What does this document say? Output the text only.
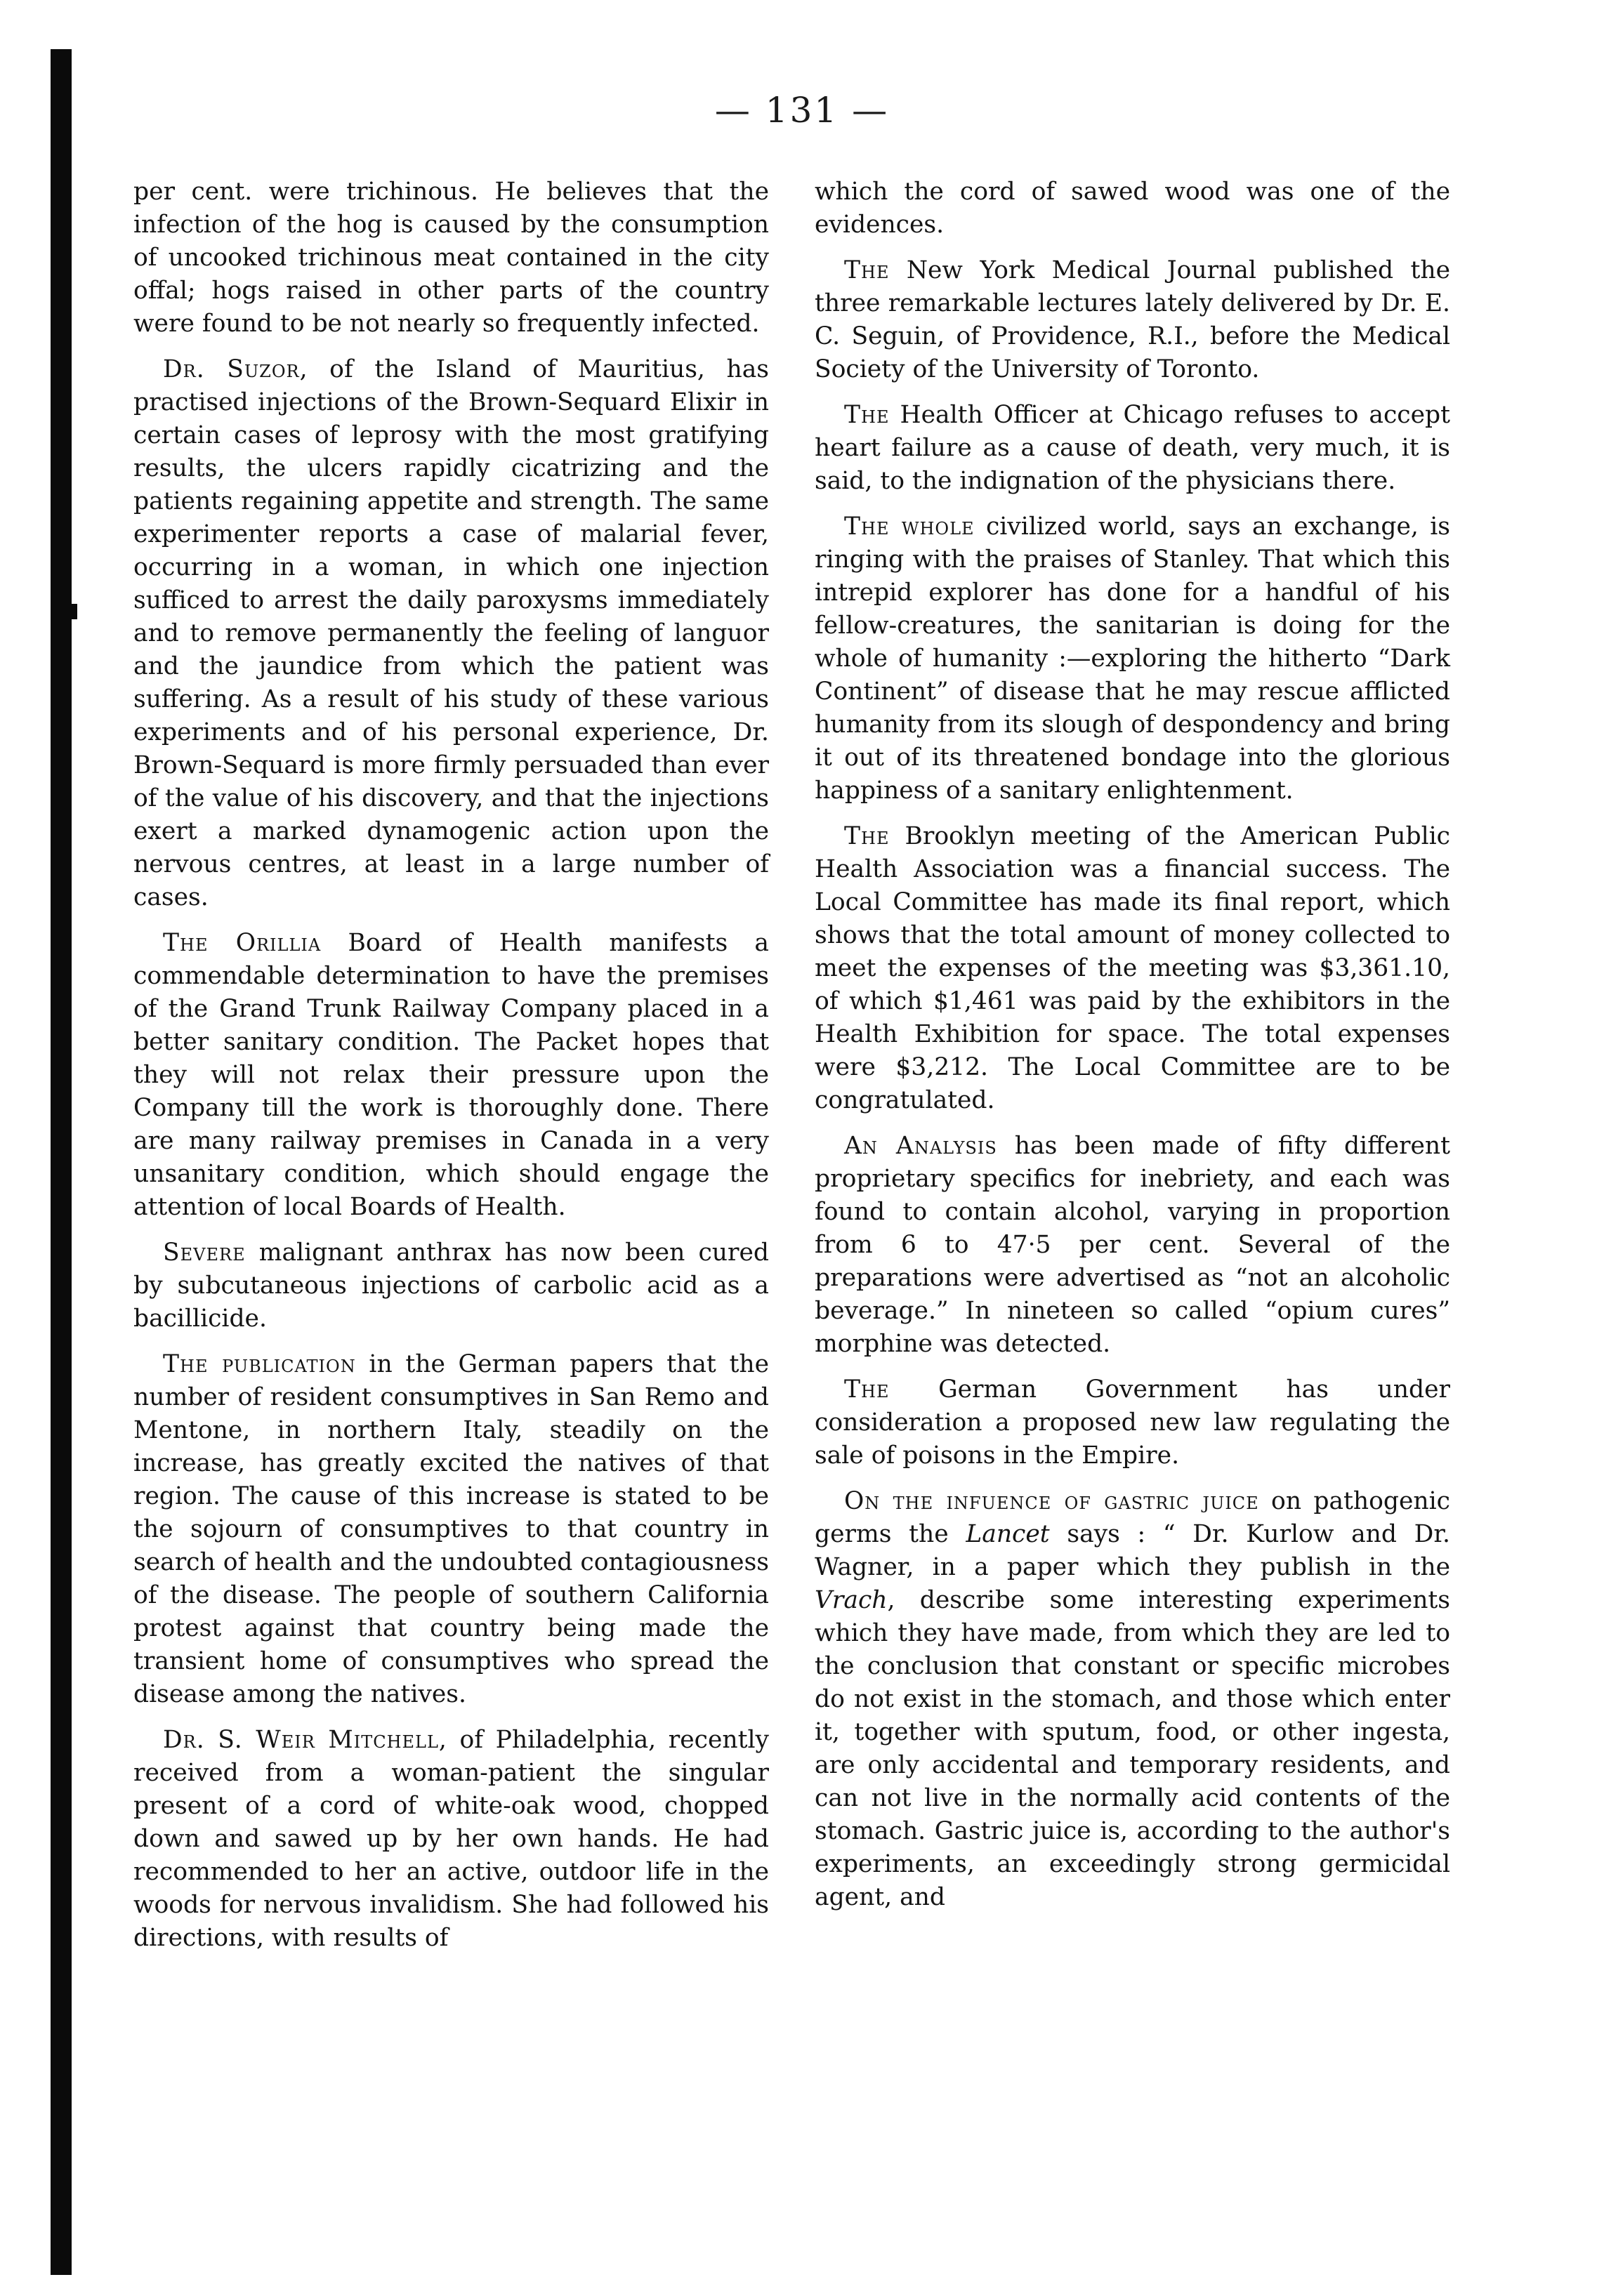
— 131 —

per cent. were trichinous. He believes that the infection of the hog is caused by the consumption of uncooked trichinous meat contained in the city offal; hogs raised in other parts of the country were found to be not nearly so frequently infected.

Dr. Suzor, of the Island of Mauritius, has practised injections of the Brown-Sequard Elixir in certain cases of leprosy with the most gratifying results, the ulcers rapidly cicatrizing and the patients regaining appetite and strength. The same experimenter reports a case of malarial fever, occurring in a woman, in which one injection sufficed to arrest the daily paroxysms immediately and to remove permanently the feeling of languor and the jaundice from which the patient was suffering. As a result of his study of these various experiments and of his personal experience, Dr. Brown-Sequard is more firmly persuaded than ever of the value of his discovery, and that the injections exert a marked dynamogenic action upon the nervous centres, at least in a large number of cases.

The Orillia Board of Health manifests a commendable determination to have the premises of the Grand Trunk Railway Company placed in a better sanitary condition. The Packet hopes that they will not relax their pressure upon the Company till the work is thoroughly done. There are many railway premises in Canada in a very unsanitary condition, which should engage the attention of local Boards of Health.

Severe malignant anthrax has now been cured by subcutaneous injections of carbolic acid as a bacillicide.

The publication in the German papers that the number of resident consumptives in San Remo and Mentone, in northern Italy, steadily on the increase, has greatly excited the natives of that region. The cause of this increase is stated to be the sojourn of consumptives to that country in search of health and the undoubted contagiousness of the disease. The people of southern California protest against that country being made the transient home of consumptives who spread the disease among the natives.

Dr. S. Weir Mitchell, of Philadelphia, recently received from a woman-patient the singular present of a cord of white-oak wood, chopped down and sawed up by her own hands. He had recommended to her an active, outdoor life in the woods for nervous invalidism. She had followed his directions, with results of

which the cord of sawed wood was one of the evidences.

The New York Medical Journal published the three remarkable lectures lately delivered by Dr. E. C. Seguin, of Providence, R.I., before the Medical Society of the University of Toronto.

The Health Officer at Chicago refuses to accept heart failure as a cause of death, very much, it is said, to the indignation of the physicians there.

The whole civilized world, says an exchange, is ringing with the praises of Stanley. That which this intrepid explorer has done for a handful of his fellow-creatures, the sanitarian is doing for the whole of humanity :—exploring the hitherto “Dark Continent” of disease that he may rescue afflicted humanity from its slough of despondency and bring it out of its threatened bondage into the glorious happiness of a sanitary enlightenment.

The Brooklyn meeting of the American Public Health Association was a financial success. The Local Committee has made its final report, which shows that the total amount of money collected to meet the expenses of the meeting was $3,361.10, of which $1,461 was paid by the exhibitors in the Health Exhibition for space. The total expenses were $3,212. The Local Committee are to be congratulated.

An Analysis has been made of fifty different proprietary specifics for inebriety, and each was found to contain alcohol, varying in proportion from 6 to 47·5 per cent. Several of the preparations were advertised as “not an alcoholic beverage.” In nineteen so called “opium cures” morphine was detected.

The German Government has under consideration a proposed new law regulating the sale of poisons in the Empire.

On the infuence of gastric juice on pathogenic germs the Lancet says : “ Dr. Kurlow and Dr. Wagner, in a paper which they publish in the Vrach, describe some interesting experiments which they have made, from which they are led to the conclusion that constant or specific microbes do not exist in the stomach, and those which enter it, together with sputum, food, or other ingesta, are only accidental and temporary residents, and can not live in the normally acid contents of the stomach. Gastric juice is, according to the author's experiments, an exceedingly strong germicidal agent, and
